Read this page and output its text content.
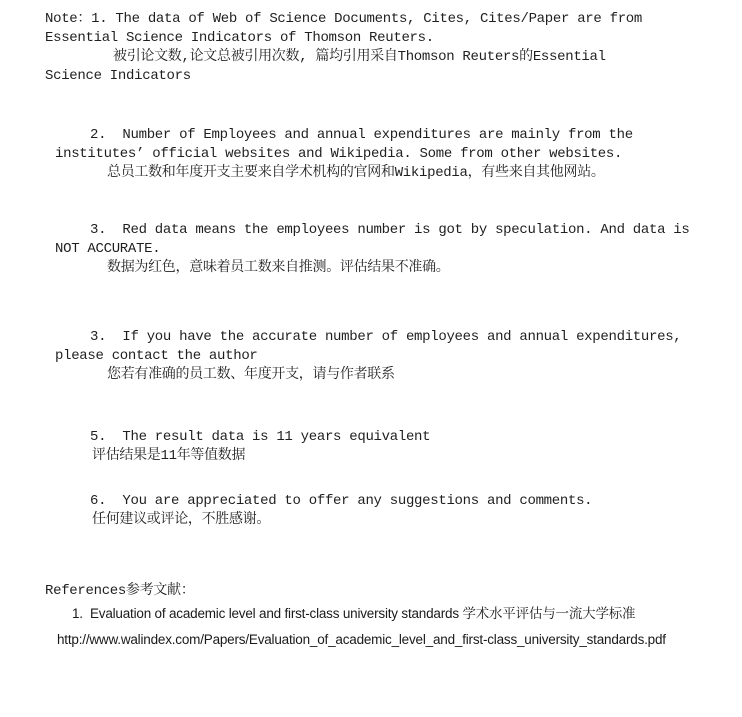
Note：1. The data of Web of Science Documents, Cites, Cites/Paper are from
Essential Science Indicators of Thomson Reuters.
被引论文数,论文总被引用次数, 篇均引用采自Thomson Reuters的Essential
Science Indicators
2.  Number of Employees and annual expenditures are mainly from the
institutes’ official websites and Wikipedia. Some from other websites.
总员工数和年度开支主要来自学术机构的官网和Wikipedia，有些来自其他网站。
3.  Red data means the employees number is got by speculation. And data is
NOT ACCURATE.
数据为红色，意味着员工数来自推测。评估结果不准确。
3.  If you have the accurate number of employees and annual expenditures,
please contact the author
您若有准确的员工数、年度开支，请与作者联系
5.  The result data is 11 years equivalent
评估结果是11年等值数据
6.  You are appreciated to offer any suggestions and comments.
任何建议或评论，不胜感谢。
References参考文献：
1.  Evaluation of academic level and first-class university standards 学术水平评估与一流大学标准
http://www.walindex.com/Papers/Evaluation_of_academic_level_and_first-class_university_standards.pdf
